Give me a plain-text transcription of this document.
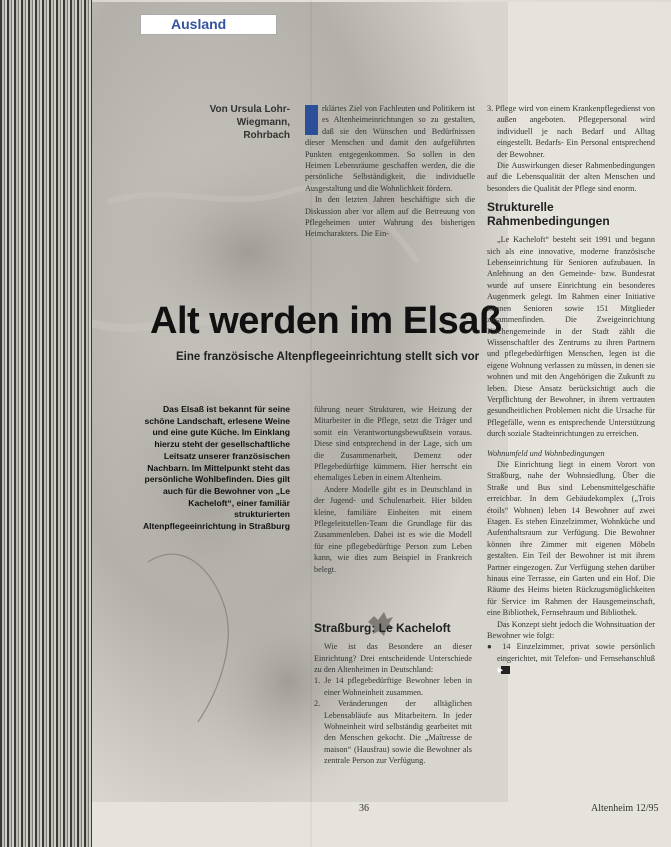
Ausland
Von Ursula Lohr-Wiegmann, Rohrbach

rklärtes Ziel von Fachleuten und Politikern ist es Altenheimeinrichtungen so zu gestalten, daß sie den Wünschen und Bedürfnissen dieser Menschen und damit den aufgeführten Punkten entgegenkommen. So sollen in den Heimen Lebensräume geschaffen werden, die die persönliche Selbständigkeit, die individuelle Ausgestaltung und die Wohnlichkeit fördern.

In den letzten Jahren beschäftigte sich die Diskussion aber vor allem auf die Betreuung von Pflegeheimen unter Wahrung des bisherigen Heimcharakters. Die Ein-

Alt werden im Elsaß
Eine französische Altenpflegeeinrichtung stellt sich vor
Das Elsaß ist bekannt für seine schöne Landschaft, erlesene Weine und eine gute Küche. Im Einklang hierzu steht der gesellschaftliche Leitsatz unserer französischen Nachbarn. Im Mittelpunkt steht das persönliche Wohlbefinden. Dies gilt auch für die Bewohner von „Le Kacheloft“, einer familiär strukturierten Altenpflegeeinrichtung in Straßburg

führung neuer Strukturen, wie Heizung der Mitarbeiter in die Pflege, setzt die Träger und somit ein Verantwortungsbewußtsein voraus. Diese sind entsprechend in der Lage, sich um die Zusammenarbeit, Demenz oder Pflegebedürftige kümmern. Hier herrscht ein ehemaliges Leben in einem Altenheim.

Andere Modelle gibt es in Deutschland in der Jugend- und Schulenarbeit. Hier bilden kleine, familiäre Einheiten mit einem Pflegeleitstellen-Team die Grundlage für das Zusammenleben. Dabei ist es wie die Modell für eine pflegebedürftige Person zum Leben kann, wie dies zum Beispiel in Frankreich belegt.

Straßburg: Le Kacheloft

Wie ist das Besondere an dieser Einrichtung? Drei entscheidende Unterschiede zu den Altenheimen in Deutschland:

1. Je 14 pflegebedürftige Bewohner leben in einer Wohneinheit zusammen.

2. Veränderungen der alltäglichen Lebensabläufe aus Mitarbeitern. In jeder Wohneinheit wird selbständig gearbeitet mit den Menschen gekocht. Die „Maîtresse de maison“ (Hausfrau) sowie die Bewohner als zentrale Person zur Verfügung.

3. Pflege wird von einem Krankenpflegedienst von außen angeboten. Pflegepersonal wird individuell je nach Bedarf und Alltag eingestellt. Bedarfs- Ein Personal entsprechend der Bewohner.

Die Auswirkungen dieser Rahmenbedingungen auf die Lebensqualität der alten Menschen und besonders die Qualität der Pflege sind enorm.

Strukturelle Rahmenbedingungen

„Le Kacheloft“ besteht seit 1991 und begann sich als eine innovative, moderne französische Lebenseinrichtung für Senioren aufzubauen. In Anlehnung an den Gemeinde- bzw. Bundesrat wurde auf unsere Einrichtung ein besonderes Augenmerk gelegt. Im Rahmen einer Initiative können Senioren sowie 151 Mitglieder zusammenfinden. Die Zweigeinrichtung Kirchengemeinde in der Stadt zählt die Wissenschaftler des Zentrums zu ihren Partnern und pflegebedürftigen Menschen, legen ist die eigene Wohnung verlassen zu müssen, in denen sie wohnen und mit den Angehörigen die Zukunft zu leben. Diese Ansatz berücksichtigt auch die Verpflichtung der Bewohner, in ihrem vertrauten gesundheitlichen Problemen nicht die Ursache für Pflegefälle, wenn es entsprechende Unterstützung durch soziale Stadteinrichtungen zu erreichen.

Wohnumfeld und Wohnbedingungen

Die Einrichtung liegt in einem Vorort von Straßburg, nahe der Wohnsiedlung. Über die Straße und Bus sind Lebensmittelgeschäfte erreichbar. In dem Gebäudekomplex („Trois étoils“ Wohnen) leben 14 Bewohner auf zwei Etagen. Es stehen Einzelzimmer, Wohnküche und Aufenthaltsraum zur Verfügung. Die Bewohner können ihre Zimmer mit eigenen Möbeln gestalten. Ein Teil der Bewohner ist mit ihrem Partner eingezogen. Zur Verfügung stehen darüber hinaus eine Terrasse, ein Garten und ein Hof. Die Räume des Heims bieten Rückzugsmöglichkeiten für Service im Rahmen der Hausgemeinschaft, eine Bibliothek, Fernsehraum und Bibliothek.

Das Konzept sieht jedoch die Wohnsituation der Bewohner wie folgt:

● 14 Einzelzimmer, privat sowie persönlich eingerichtet, mit Telefon- und Fernsehanschluß▶

36	Altenheim 12/95
